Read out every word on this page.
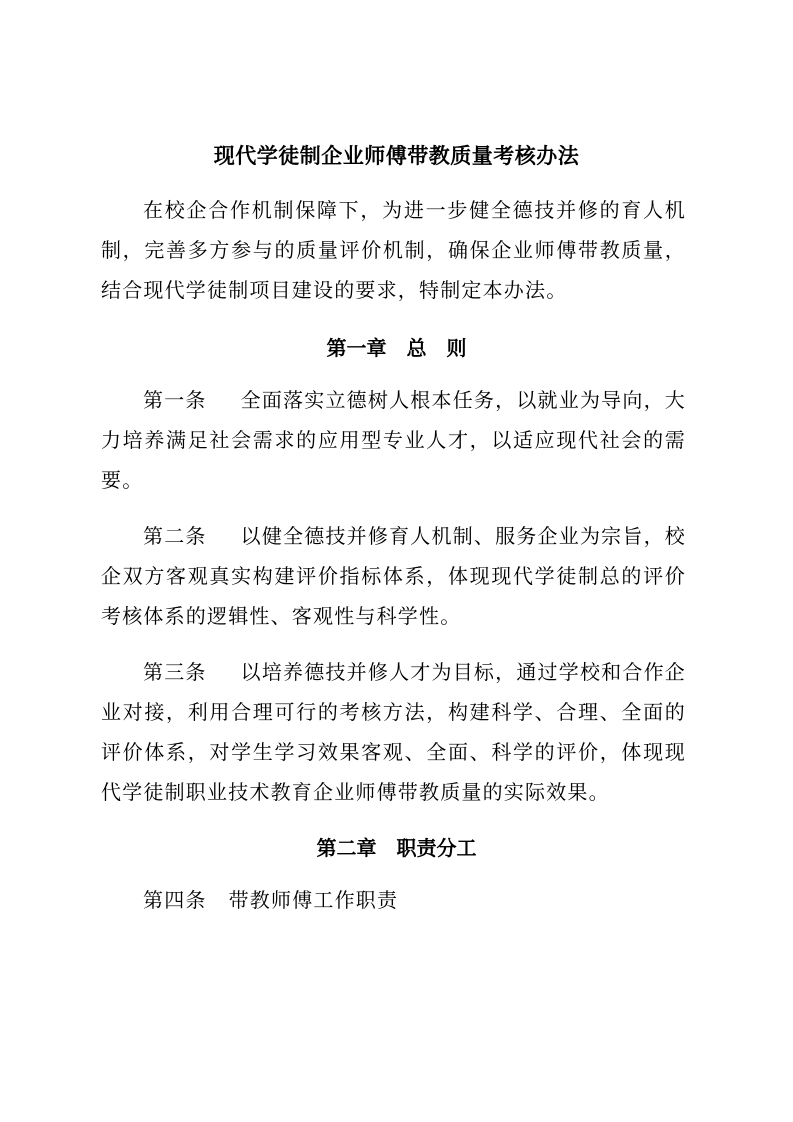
现代学徒制企业师傅带教质量考核办法

在校企合作机制保障下，为进一步健全德技并修的育人机制，完善多方参与的质量评价机制，确保企业师傅带教质量，结合现代学徒制项目建设的要求，特制定本办法。

第一章　总　则

第一条 全面落实立德树人根本任务，以就业为导向，大力培养满足社会需求的应用型专业人才，以适应现代社会的需要。

第二条 以健全德技并修育人机制、服务企业为宗旨，校企双方客观真实构建评价指标体系，体现现代学徒制总的评价考核体系的逻辑性、客观性与科学性。

第三条 以培养德技并修人才为目标，通过学校和合作企业对接，利用合理可行的考核方法，构建科学、合理、全面的评价体系，对学生学习效果客观、全面、科学的评价，体现现代学徒制职业技术教育企业师傅带教质量的实际效果。

第二章　职责分工

第四条 带教师傅工作职责
